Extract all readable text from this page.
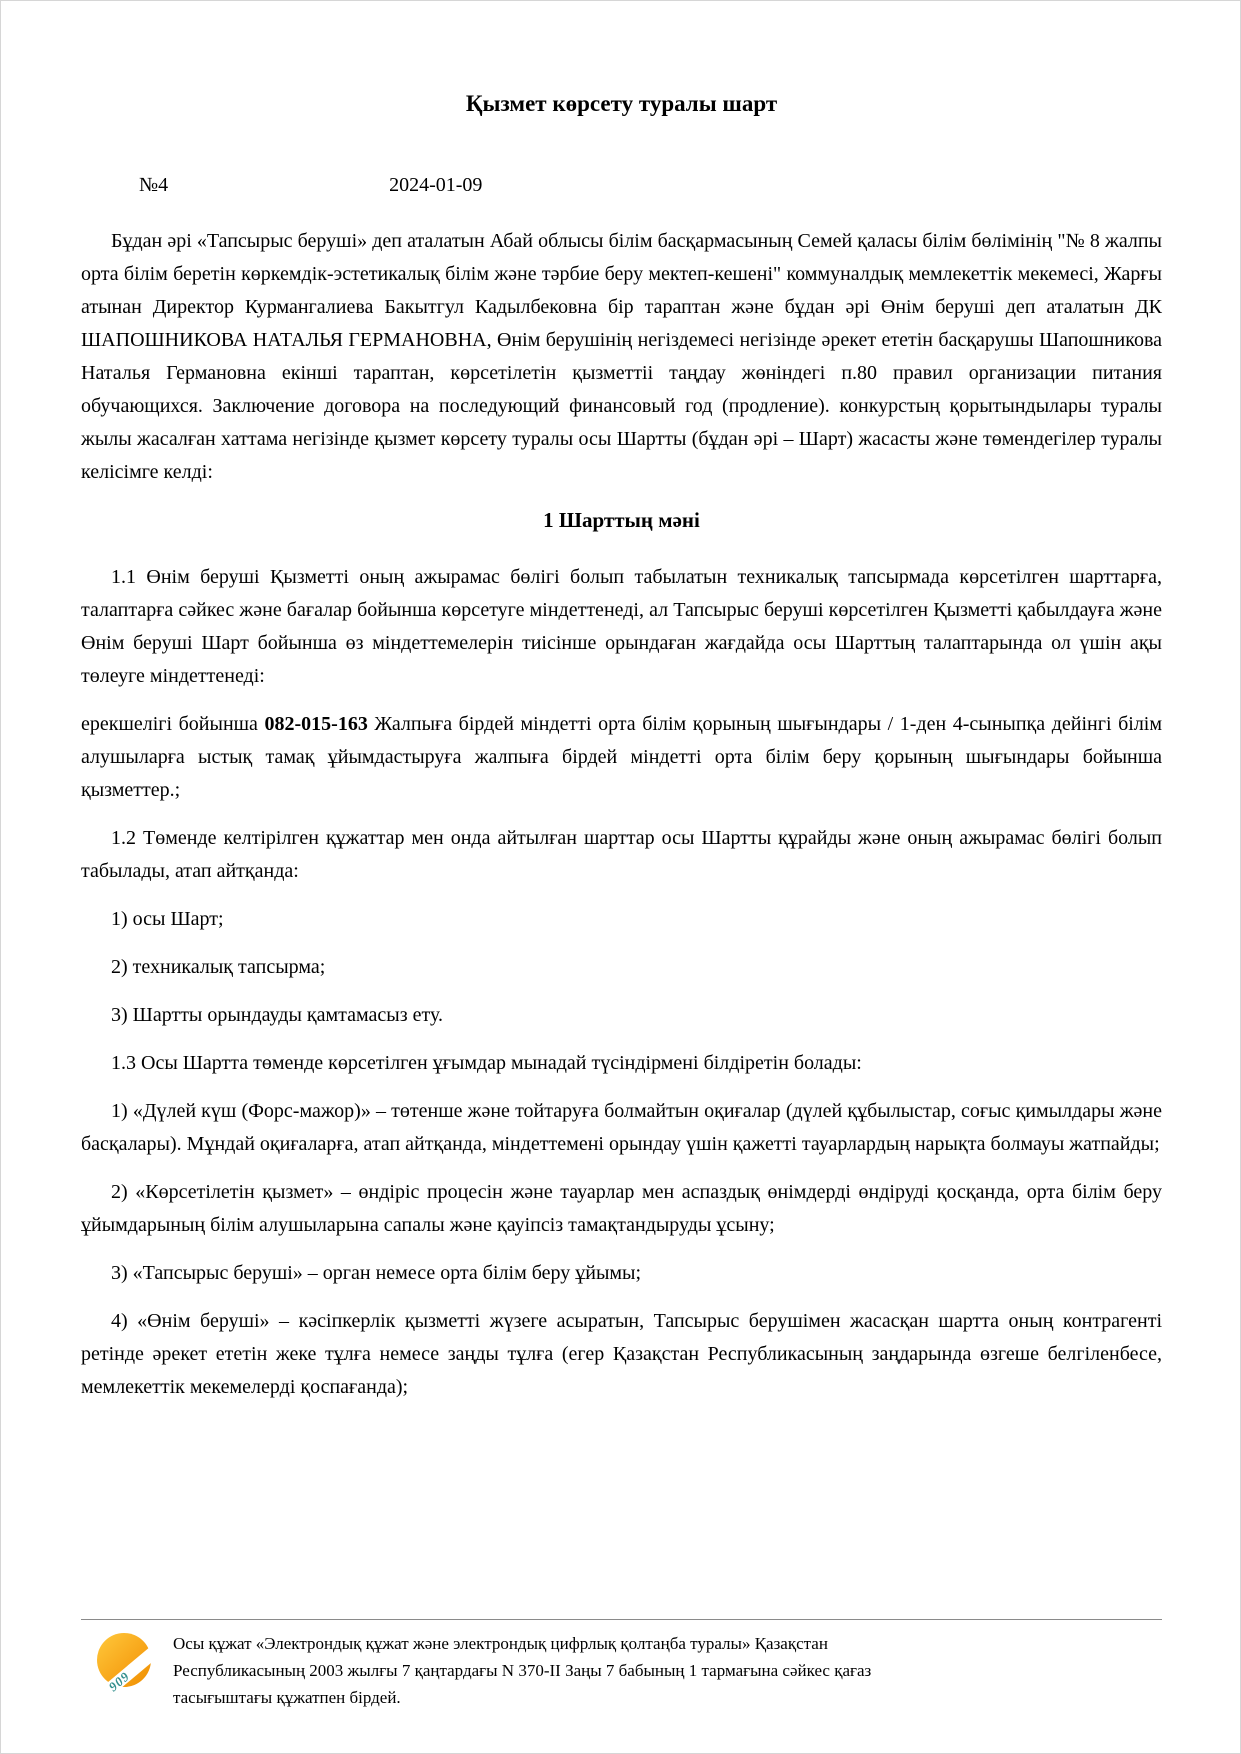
Қызмет көрсету туралы шарт
№4	2024-01-09

Бұдан әрі «Тапсырыс беруші» деп аталатын Абай облысы білім басқармасының Семей қаласы білім бөлімінің "№ 8 жалпы орта білім беретін көркемдік-эстетикалық білім және тәрбие беру мектеп-кешені" коммуналдық мемлекеттік мекемесі, Жарғы атынан Директор Курмангалиева Бакытгул Кадылбековна бір тараптан және бұдан әрі Өнім беруші деп аталатын ДК ШАПОШНИКОВА НАТАЛЬЯ ГЕРМАНОВНА, Өнім берушінің негіздемесі негізінде әрекет ететін басқарушы Шапошникова Наталья Германовна екінші тараптан, көрсетілетін қызметтіі таңдау жөніндегі п.80 правил организации питания обучающихся. Заключение договора на последующий финансовый год (продление). конкурстың қорытындылары туралы жылы жасалған хаттама негізінде қызмет көрсету туралы осы Шартты (бұдан әрі – Шарт) жасасты және төмендегілер туралы келісімге келді:

1 Шарттың мәні

1.1 Өнім беруші Қызметті оның ажырамас бөлігі болып табылатын техникалық тапсырмада көрсетілген шарттарға, талаптарға сәйкес және бағалар бойынша көрсетуге міндеттенеді, ал Тапсырыс беруші көрсетілген Қызметті қабылдауға және Өнім беруші Шарт бойынша өз міндеттемелерін тиісінше орындаған жағдайда осы Шарттың талаптарында ол үшін ақы төлеуге міндеттенеді:

ерекшелігі бойынша 082-015-163 Жалпыға бірдей міндетті орта білім қорының шығындары / 1-ден 4-сыныпқа дейінгі білім алушыларға ыстық тамақ ұйымдастыруға жалпыға бірдей міндетті орта білім беру қорының шығындары бойынша қызметтер.;

1.2 Төменде келтірілген құжаттар мен онда айтылған шарттар осы Шартты құрайды және оның ажырамас бөлігі болып табылады, атап айтқанда:

1) осы Шарт;

2) техникалық тапсырма;

3) Шартты орындауды қамтамасыз ету.

1.3 Осы Шартта төменде көрсетілген ұғымдар мынадай түсіндірмені білдіретін болады:

1) «Дүлей күш (Форс-мажор)» – төтенше және тойтаруға болмайтын оқиғалар (дүлей құбылыстар, соғыс қимылдары және басқалары). Мұндай оқиғаларға, атап айтқанда, міндеттемені орындау үшін қажетті тауарлардың нарықта болмауы жатпайды;

2) «Көрсетілетін қызмет» – өндіріс процесін және тауарлар мен аспаздық өнімдерді өндіруді қосқанда, орта білім беру ұйымдарының білім алушыларына сапалы және қауіпсіз тамақтандыруды ұсыну;

3) «Тапсырыс беруші» – орган немесе орта білім беру ұйымы;

4) «Өнім беруші» – кәсіпкерлік қызметті жүзеге асыратын, Тапсырыс берушімен жасасқан шартта оның контрагенті ретінде әрекет ететін жеке тұлға немесе заңды тұлға (егер Қазақстан Республикасының заңдарында өзгеше белгіленбесе, мемлекеттік мекемелерді қоспағанда);

909
Осы құжат «Электрондық құжат және электрондық цифрлық қолтаңба туралы» Қазақстан
Республикасының 2003 жылғы 7 қаңтардағы N 370-II Заңы 7 бабының 1 тармағына сәйкес қағаз
тасығыштағы құжатпен бірдей.
